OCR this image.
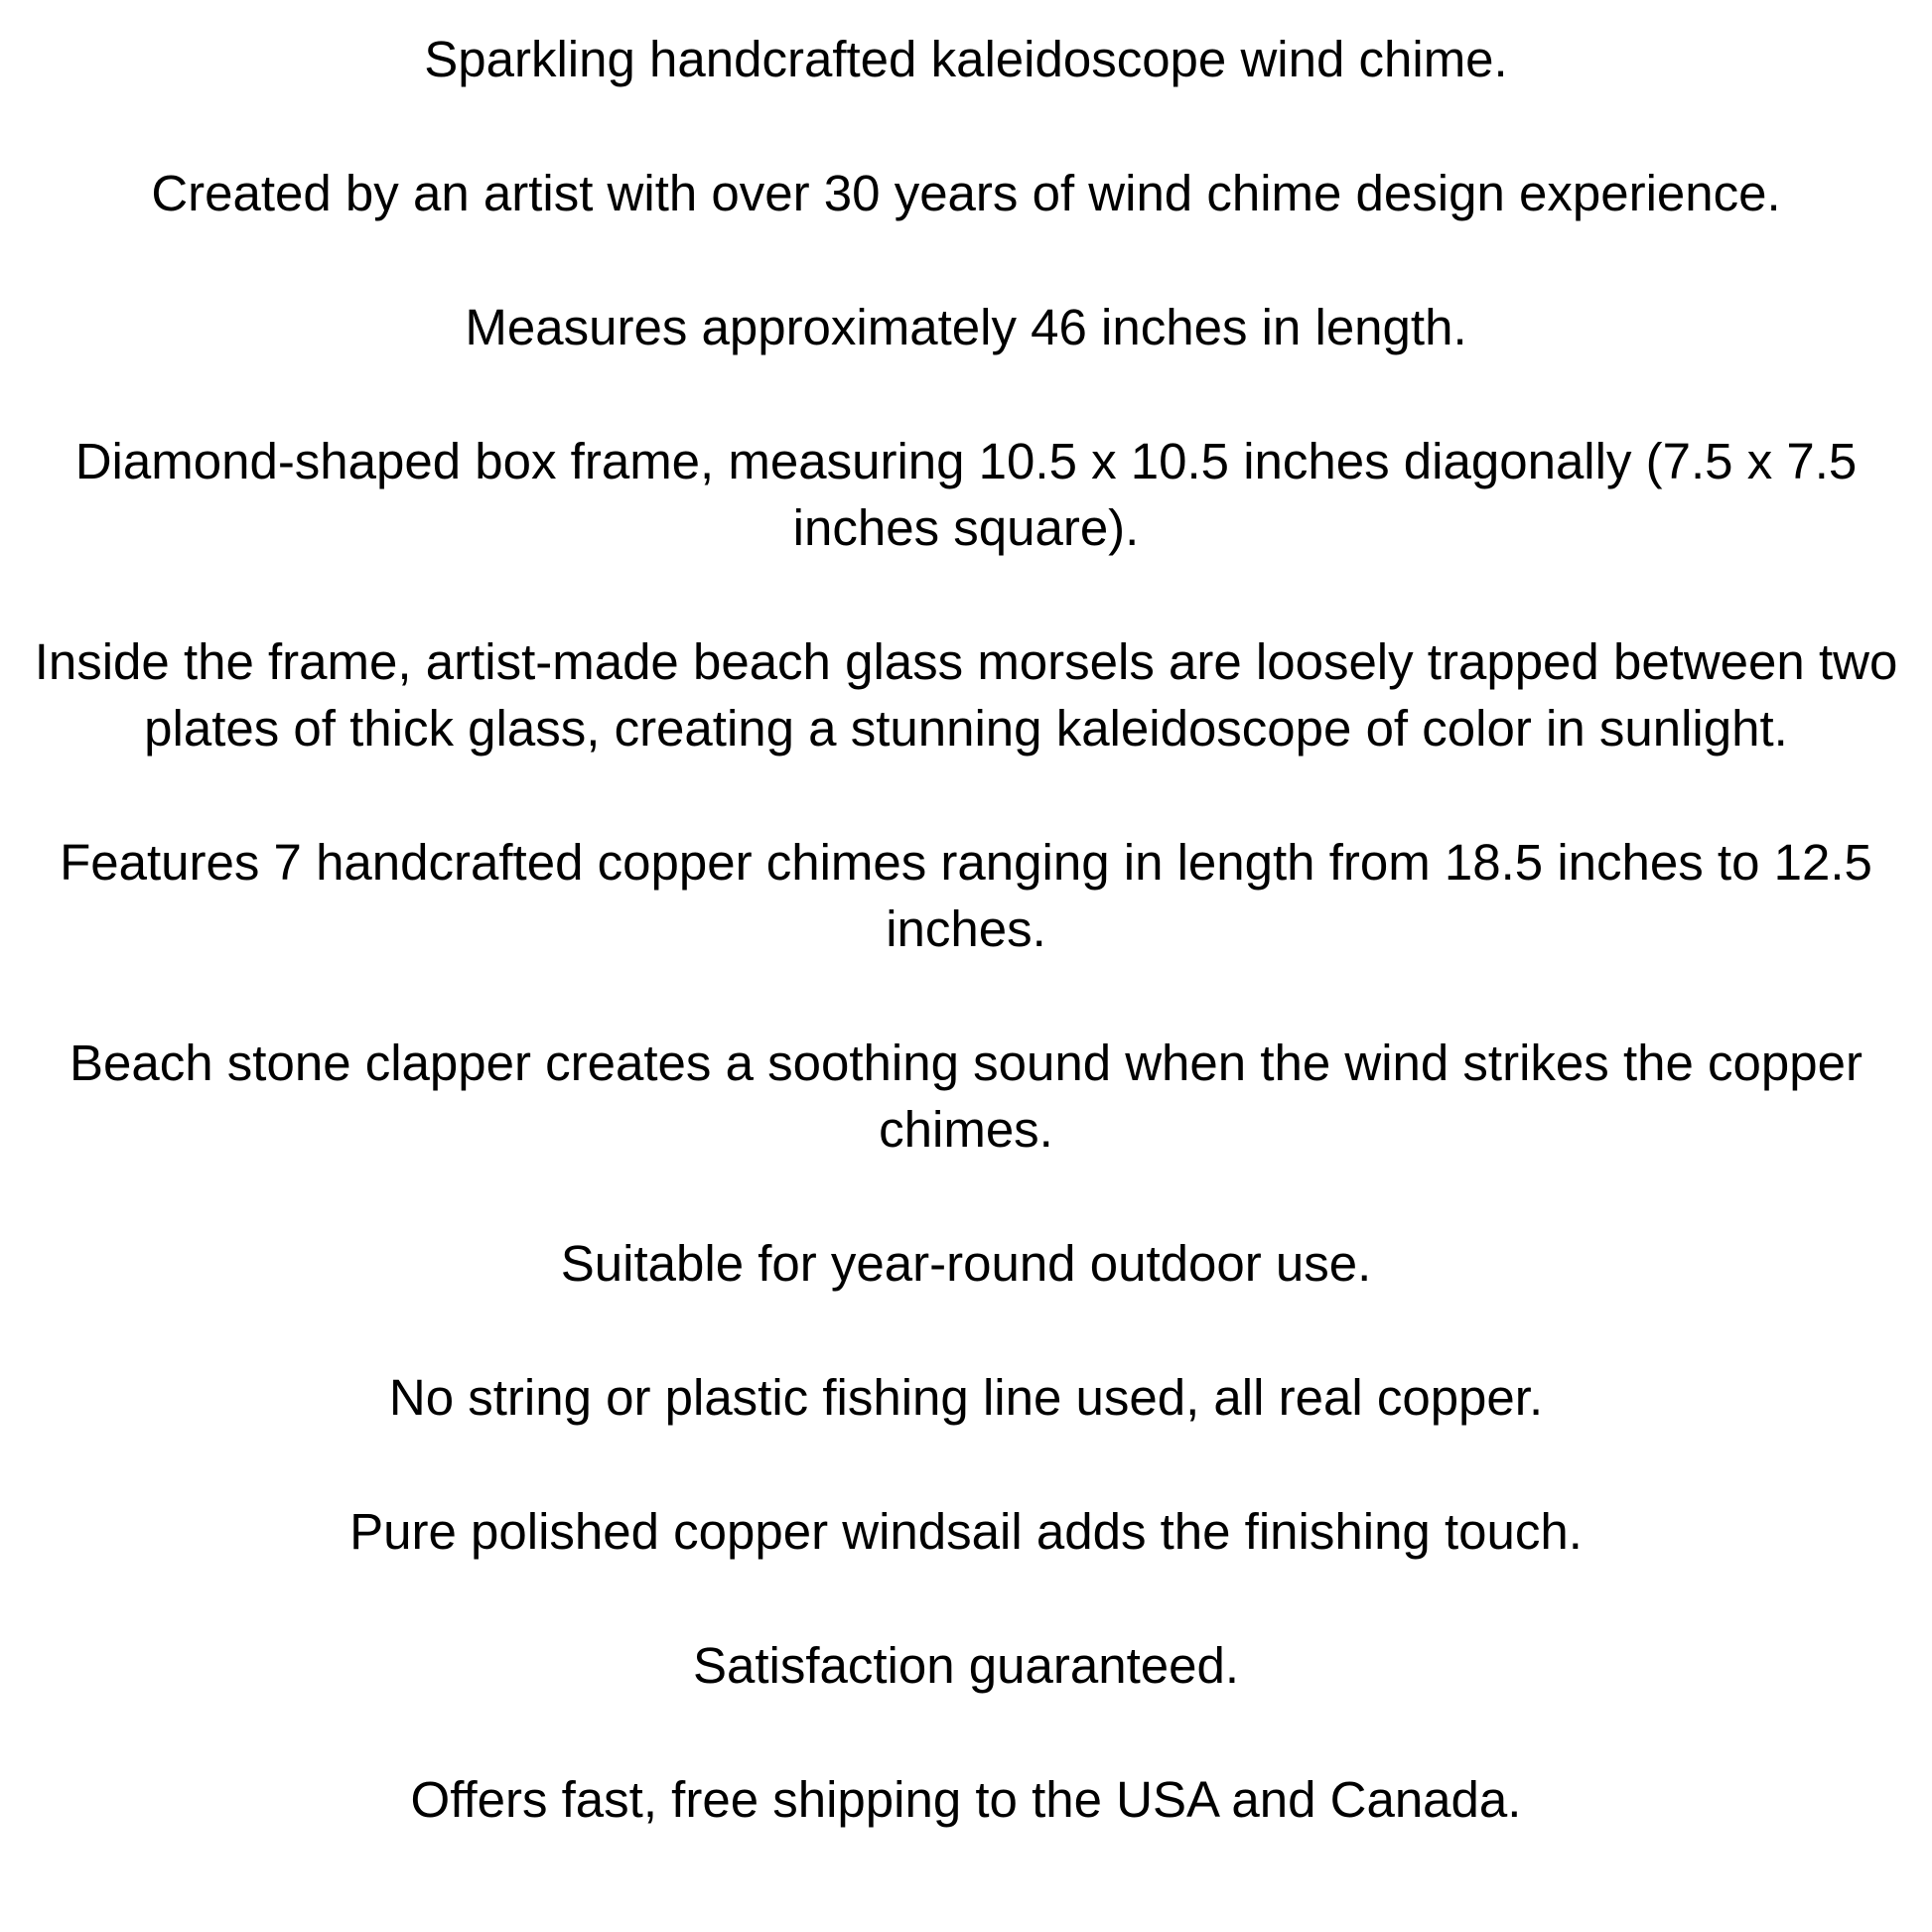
Sparkling handcrafted kaleidoscope wind chime.

Created by an artist with over 30 years of wind chime design experience.

Measures approximately 46 inches in length.

Diamond-shaped box frame, measuring 10.5 x 10.5 inches diagonally (7.5 x 7.5 inches square).

Inside the frame, artist-made beach glass morsels are loosely trapped between two plates of thick glass, creating a stunning kaleidoscope of color in sunlight.

Features 7 handcrafted copper chimes ranging in length from 18.5 inches to 12.5 inches.

Beach stone clapper creates a soothing sound when the wind strikes the copper chimes.

Suitable for year-round outdoor use.

No string or plastic fishing line used, all real copper.

Pure polished copper windsail adds the finishing touch.

Satisfaction guaranteed.

Offers fast, free shipping to the USA and Canada.
